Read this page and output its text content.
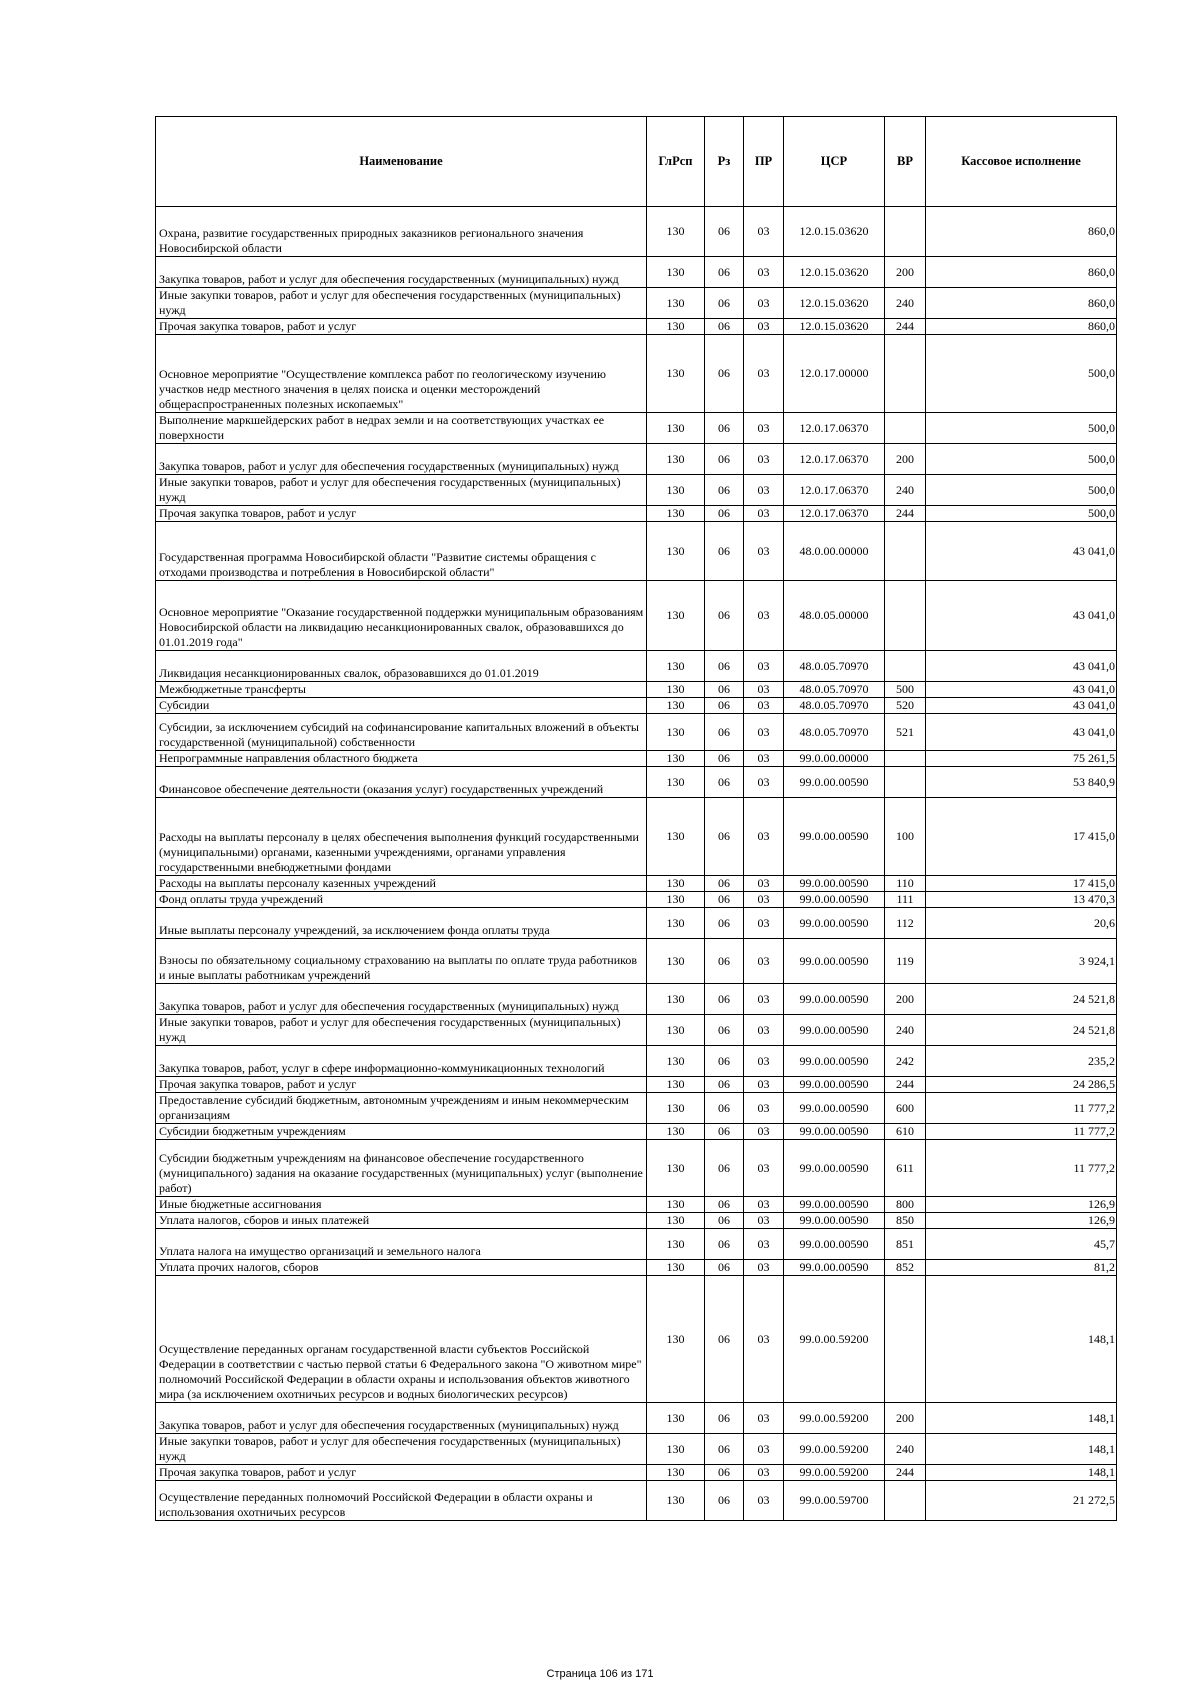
Наименование	ГлРсп	Рз	ПР	ЦСР	ВР	Кассовое исполнение
Охрана, развитие государственных природных заказников регионального значения Новосибирской области	130	06	03	12.0.15.03620		860,0
Закупка товаров, работ и услуг для обеспечения государственных (муниципальных) нужд	130	06	03	12.0.15.03620	200	860,0
Иные закупки товаров, работ и услуг для обеспечения государственных (муниципальных) нужд	130	06	03	12.0.15.03620	240	860,0
Прочая закупка товаров, работ и услуг	130	06	03	12.0.15.03620	244	860,0
Основное мероприятие "Осуществление комплекса работ по геологическому изучению участков недр местного значения в целях поиска и оценки месторождений общераспространенных полезных ископаемых"	130	06	03	12.0.17.00000		500,0
Выполнение маркшейдерских работ в недрах земли и на соответствующих участках ее поверхности	130	06	03	12.0.17.06370		500,0
Закупка товаров, работ и услуг для обеспечения государственных (муниципальных) нужд	130	06	03	12.0.17.06370	200	500,0
Иные закупки товаров, работ и услуг для обеспечения государственных (муниципальных) нужд	130	06	03	12.0.17.06370	240	500,0
Прочая закупка товаров, работ и услуг	130	06	03	12.0.17.06370	244	500,0
Государственная программа Новосибирской области "Развитие системы обращения с отходами производства и потребления в Новосибирской области"	130	06	03	48.0.00.00000		43 041,0
Основное мероприятие "Оказание государственной поддержки муниципальным образованиям Новосибирской области на ликвидацию несанкционированных свалок, образовавшихся до 01.01.2019 года"	130	06	03	48.0.05.00000		43 041,0
Ликвидация несанкционированных свалок, образовавшихся до 01.01.2019	130	06	03	48.0.05.70970		43 041,0
Межбюджетные трансферты	130	06	03	48.0.05.70970	500	43 041,0
Субсидии	130	06	03	48.0.05.70970	520	43 041,0
Субсидии, за исключением субсидий на софинансирование капитальных вложений в объекты государственной (муниципальной) собственности	130	06	03	48.0.05.70970	521	43 041,0
Непрограммные направления областного бюджета	130	06	03	99.0.00.00000		75 261,5
Финансовое обеспечение деятельности (оказания услуг) государственных учреждений	130	06	03	99.0.00.00590		53 840,9
Расходы на выплаты персоналу в целях обеспечения выполнения функций государственными (муниципальными) органами, казенными учреждениями, органами управления государственными внебюджетными фондами	130	06	03	99.0.00.00590	100	17 415,0
Расходы на выплаты персоналу казенных учреждений	130	06	03	99.0.00.00590	110	17 415,0
Фонд оплаты труда учреждений	130	06	03	99.0.00.00590	111	13 470,3
Иные выплаты персоналу учреждений, за исключением фонда оплаты труда	130	06	03	99.0.00.00590	112	20,6
Взносы по обязательному социальному страхованию на выплаты по оплате труда работников и иные выплаты работникам учреждений	130	06	03	99.0.00.00590	119	3 924,1
Закупка товаров, работ и услуг для обеспечения государственных (муниципальных) нужд	130	06	03	99.0.00.00590	200	24 521,8
Иные закупки товаров, работ и услуг для обеспечения государственных (муниципальных) нужд	130	06	03	99.0.00.00590	240	24 521,8
Закупка товаров, работ, услуг в сфере информационно-коммуникационных технологий	130	06	03	99.0.00.00590	242	235,2
Прочая закупка товаров, работ и услуг	130	06	03	99.0.00.00590	244	24 286,5
Предоставление субсидий бюджетным, автономным учреждениям и иным некоммерческим организациям	130	06	03	99.0.00.00590	600	11 777,2
Субсидии бюджетным учреждениям	130	06	03	99.0.00.00590	610	11 777,2
Субсидии бюджетным учреждениям на финансовое обеспечение государственного (муниципального) задания на оказание государственных (муниципальных) услуг (выполнение работ)	130	06	03	99.0.00.00590	611	11 777,2
Иные бюджетные ассигнования	130	06	03	99.0.00.00590	800	126,9
Уплата налогов, сборов и иных платежей	130	06	03	99.0.00.00590	850	126,9
Уплата налога на имущество организаций и земельного налога	130	06	03	99.0.00.00590	851	45,7
Уплата прочих налогов, сборов	130	06	03	99.0.00.00590	852	81,2
Осуществление переданных органам государственной власти субъектов Российской Федерации в соответствии с частью первой статьи 6 Федерального закона "О животном мире" полномочий Российской Федерации в области охраны и использования объектов животного мира (за исключением охотничьих ресурсов и водных биологических ресурсов)	130	06	03	99.0.00.59200		148,1
Закупка товаров, работ и услуг для обеспечения государственных (муниципальных) нужд	130	06	03	99.0.00.59200	200	148,1
Иные закупки товаров, работ и услуг для обеспечения государственных (муниципальных) нужд	130	06	03	99.0.00.59200	240	148,1
Прочая закупка товаров, работ и услуг	130	06	03	99.0.00.59200	244	148,1
Осуществление переданных полномочий Российской Федерации в области охраны и использования охотничьих ресурсов	130	06	03	99.0.00.59700		21 272,5
Страница 106 из 171
